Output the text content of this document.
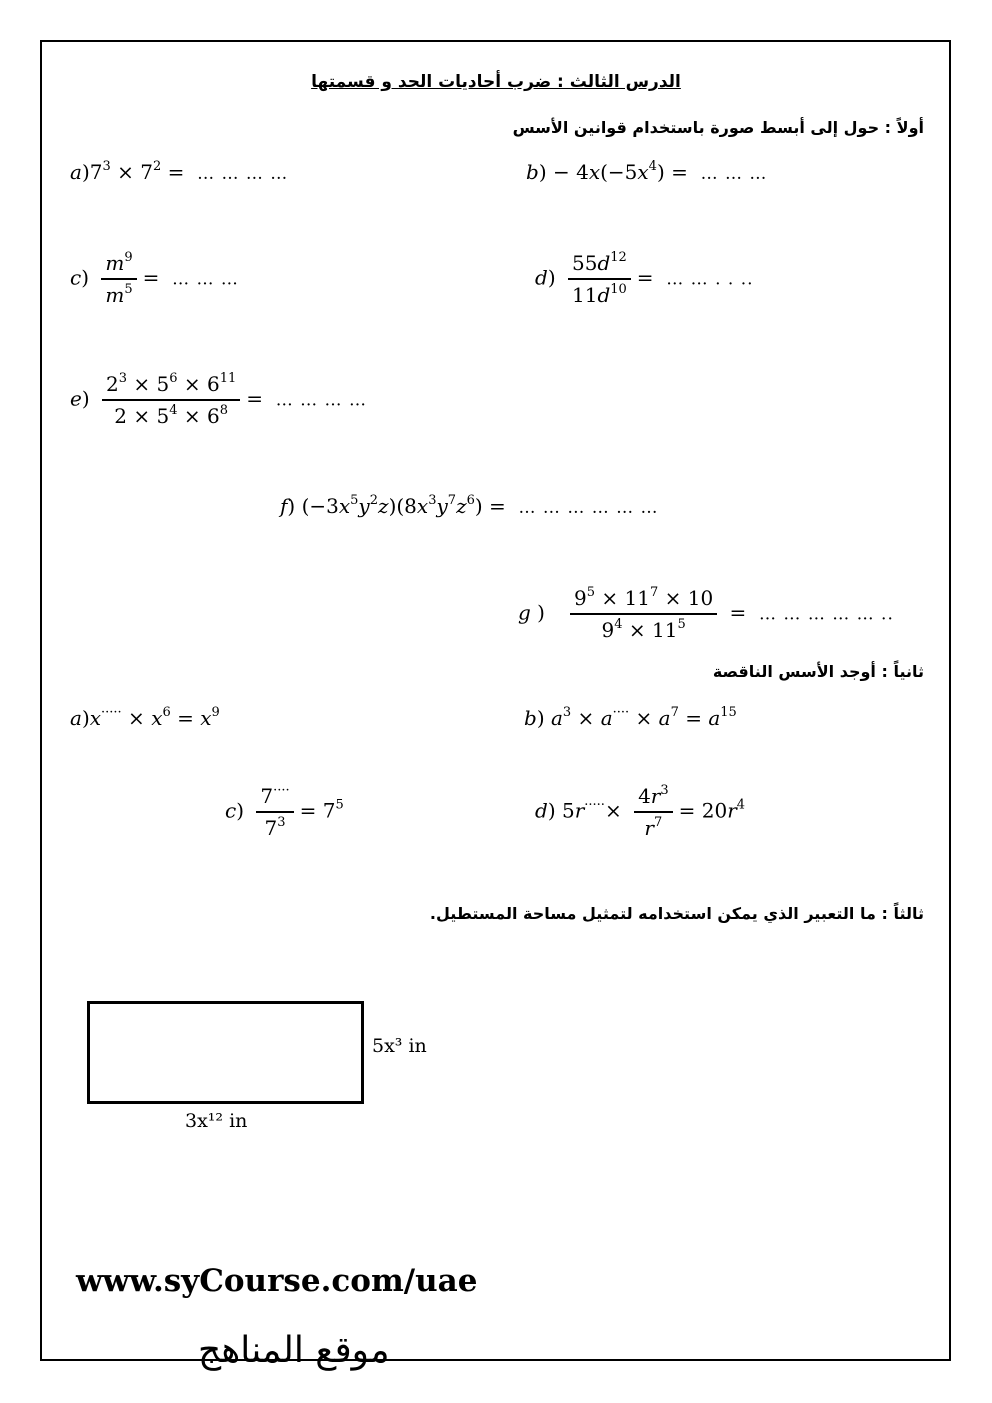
الدرس الثالث : ضرب أحاديات الحد و قسمتها
أولاً : حول إلى أبسط صورة باستخدام قوانين الأسس
$a)7^3 \times 7^2$ =  … … … …	$b) - 4x(-5x^4)$ =  … … …
$c) \frac{m^9}{m^5}$ =  … … …	$d) \frac{55d^{12}}{11d^{10}}$ =  … … . . ..
$e) \frac{2^3 \times 5^6 \times 6^{11}}{2 \times 5^4 \times 6^8}$ =  … … … …
f) $(-3x^5y^2z)(8x^3y^7z^6)$ =  … … … … … …
g ) $\frac{9^5 \times 11^7 \times 10}{9^4 \times 11^5}$ =  … … … … … ..
ثانياً : أوجد الأسس الناقصة
$a)x^{\cdot\cdot\cdot\cdot\cdot} \times x^6 = x^9$	b) $a^3 \times a^{\cdot\cdot\cdot\cdot} \times a^7 = a^{15}$
$c) \frac{7^{\cdot\cdot\cdot\cdot}}{7^3} = 7^5$	d) $5r^{\cdot\cdot\cdot\cdot\cdot}\times \frac{4r^3}{r^7} = 20r^4$
ثالثاً : ما التعبير الذي يمكن استخدامه لتمثيل مساحة المستطيل.
5x³ in
3x¹² in
www.syCourse.com/uae
موقع المناهج
